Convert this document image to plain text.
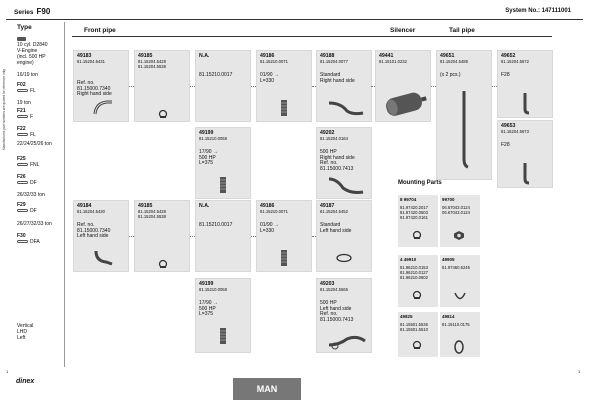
Series F90	System No.: 147111001
Manufactures part numbers are quoted for reference only
Type

10 cyl. D2840
V-Engine
(incl. 500 HP
engine)
16/19 ton
F02
FL
19 ton
F21
F
F22
FL
22/24/25/26 ton
F25
FNL
F26
DF
26/32/33 ton
F29
DF
26/27/32/33 ton
F30
DFA
Vertical
LHD
Left
Front pipe	Silencer	Tail pipe
Mounting Parts
49183
81.15204.5431
Ref. no.
81.15000.7340
Right hand side
49185
81.15204.5428
81.15204.5538
N.A.
81.15210.0017
49186
81.15210.0071
01/90 →
L=330
49188
81.15204.0077
Standard
Right hand side
49441
81.15101.0232
49651
81.15204.5485
(x 2 pcs.)
49652
81.15204.5672
F28
49653
81.15204.5673
F28
49199
81.15210.0058
17/90 →
500 HP
L=375
49202
81.15204.0164
500 HP
Right hand side
Ref. no.
81.15000.7413
49184
81.15204.5430
Ref. no.
81.15000.7340
Left hand side
49185
81.15204.5428
81.15204.5538
N.A.
81.15210.0017
49186
81.15210.0071
01/90 →
L=330
49187
81.15204.5452
Standard
Left hand side
49199
81.15210.0058
17/90 →
500 HP
L=375
49203
81.15204.5565
500 HP
Left hand side
Ref. no.
81.15000.7413
8 99704
81.97420.2017
81.97420.0503
91.97420.0161
99700
06.67043.0124
06.67043.0124
4 49910
81.96210.0153
81.96210.0127
81.96210.0602
49905
81.97460.5245
49825
81.15501.5536
81.15501.5510
49814
81.15110.0175
dinex
MAN
1	1
